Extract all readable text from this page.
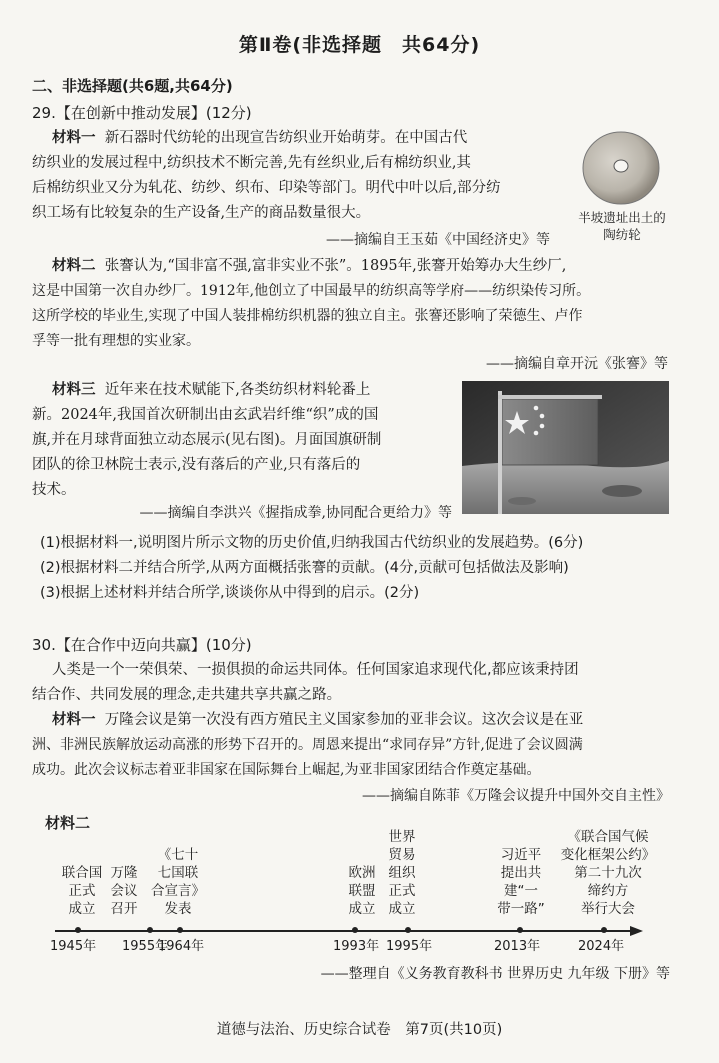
第Ⅱ卷(非选择题　共64分)
二、非选择题(共6题,共64分)
29.【在创新中推动发展】(12分)

材料一 新石器时代纺轮的出现宣告纺织业开始萌芽。在中国古代

纺织业的发展过程中,纺织技术不断完善,先有丝织业,后有棉纺织业,其

后棉纺织业又分为轧花、纺纱、织布、印染等部门。明代中叶以后,部分纺

织工场有比较复杂的生产设备,生产的商品数量很大。

——摘编自王玉茹《中国经济史》等
半坡遗址出土的
陶纺轮

材料二 张謇认为,“国非富不强,富非实业不张”。1895年,张謇开始筹办大生纱厂,

这是中国第一次自办纱厂。1912年,他创立了中国最早的纺织高等学府——纺织染传习所。

这所学校的毕业生,实现了中国人装排棉纺织机器的独立自主。张謇还影响了荣德生、卢作

孚等一批有理想的实业家。

——摘编自章开沅《张謇》等

材料三 近年来在技术赋能下,各类纺织材料轮番上

新。2024年,我国首次研制出由玄武岩纤维“织”成的国

旗,并在月球背面独立动态展示(见右图)。月面国旗研制

团队的徐卫林院士表示,没有落后的产业,只有落后的

技术。

——摘编自李洪兴《握指成拳,协同配合更给力》等
(1)根据材料一,说明图片所示文物的历史价值,归纳我国古代纺织业的发展趋势。(6分)
(2)根据材料二并结合所学,从两方面概括张謇的贡献。(4分,贡献可包括做法及影响)
(3)根据上述材料并结合所学,谈谈你从中得到的启示。(2分)
30.【在合作中迈向共赢】(10分)

人类是一个一荣俱荣、一损俱损的命运共同体。任何国家追求现代化,都应该秉持团

结合作、共同发展的理念,走共建共享共赢之路。

材料一 万隆会议是第一次没有西方殖民主义国家参加的亚非会议。这次会议是在亚

洲、非洲民族解放运动高涨的形势下召开的。周恩来提出“求同存异”方针,促进了会议圆满

成功。此次会议标志着亚非国家在国际舞台上崛起,为亚非国家团结合作奠定基础。

——摘编自陈菲《万隆会议提升中国外交自主性》
材料二
联合国
正式
成立
1945年
万隆
会议
召开
1955年
《七十
七国联
合宣言》
发表
1964年
欧洲
联盟
成立
1993年
世界
贸易
组织
正式
成立
1995年
习近平
提出共
建“一
带一路”
2013年
《联合国气候
变化框架公约》
第二十九次
缔约方
举行大会
2024年
——整理自《义务教育教科书 世界历史 九年级 下册》等
道德与法治、历史综合试卷　第7页(共10页)
